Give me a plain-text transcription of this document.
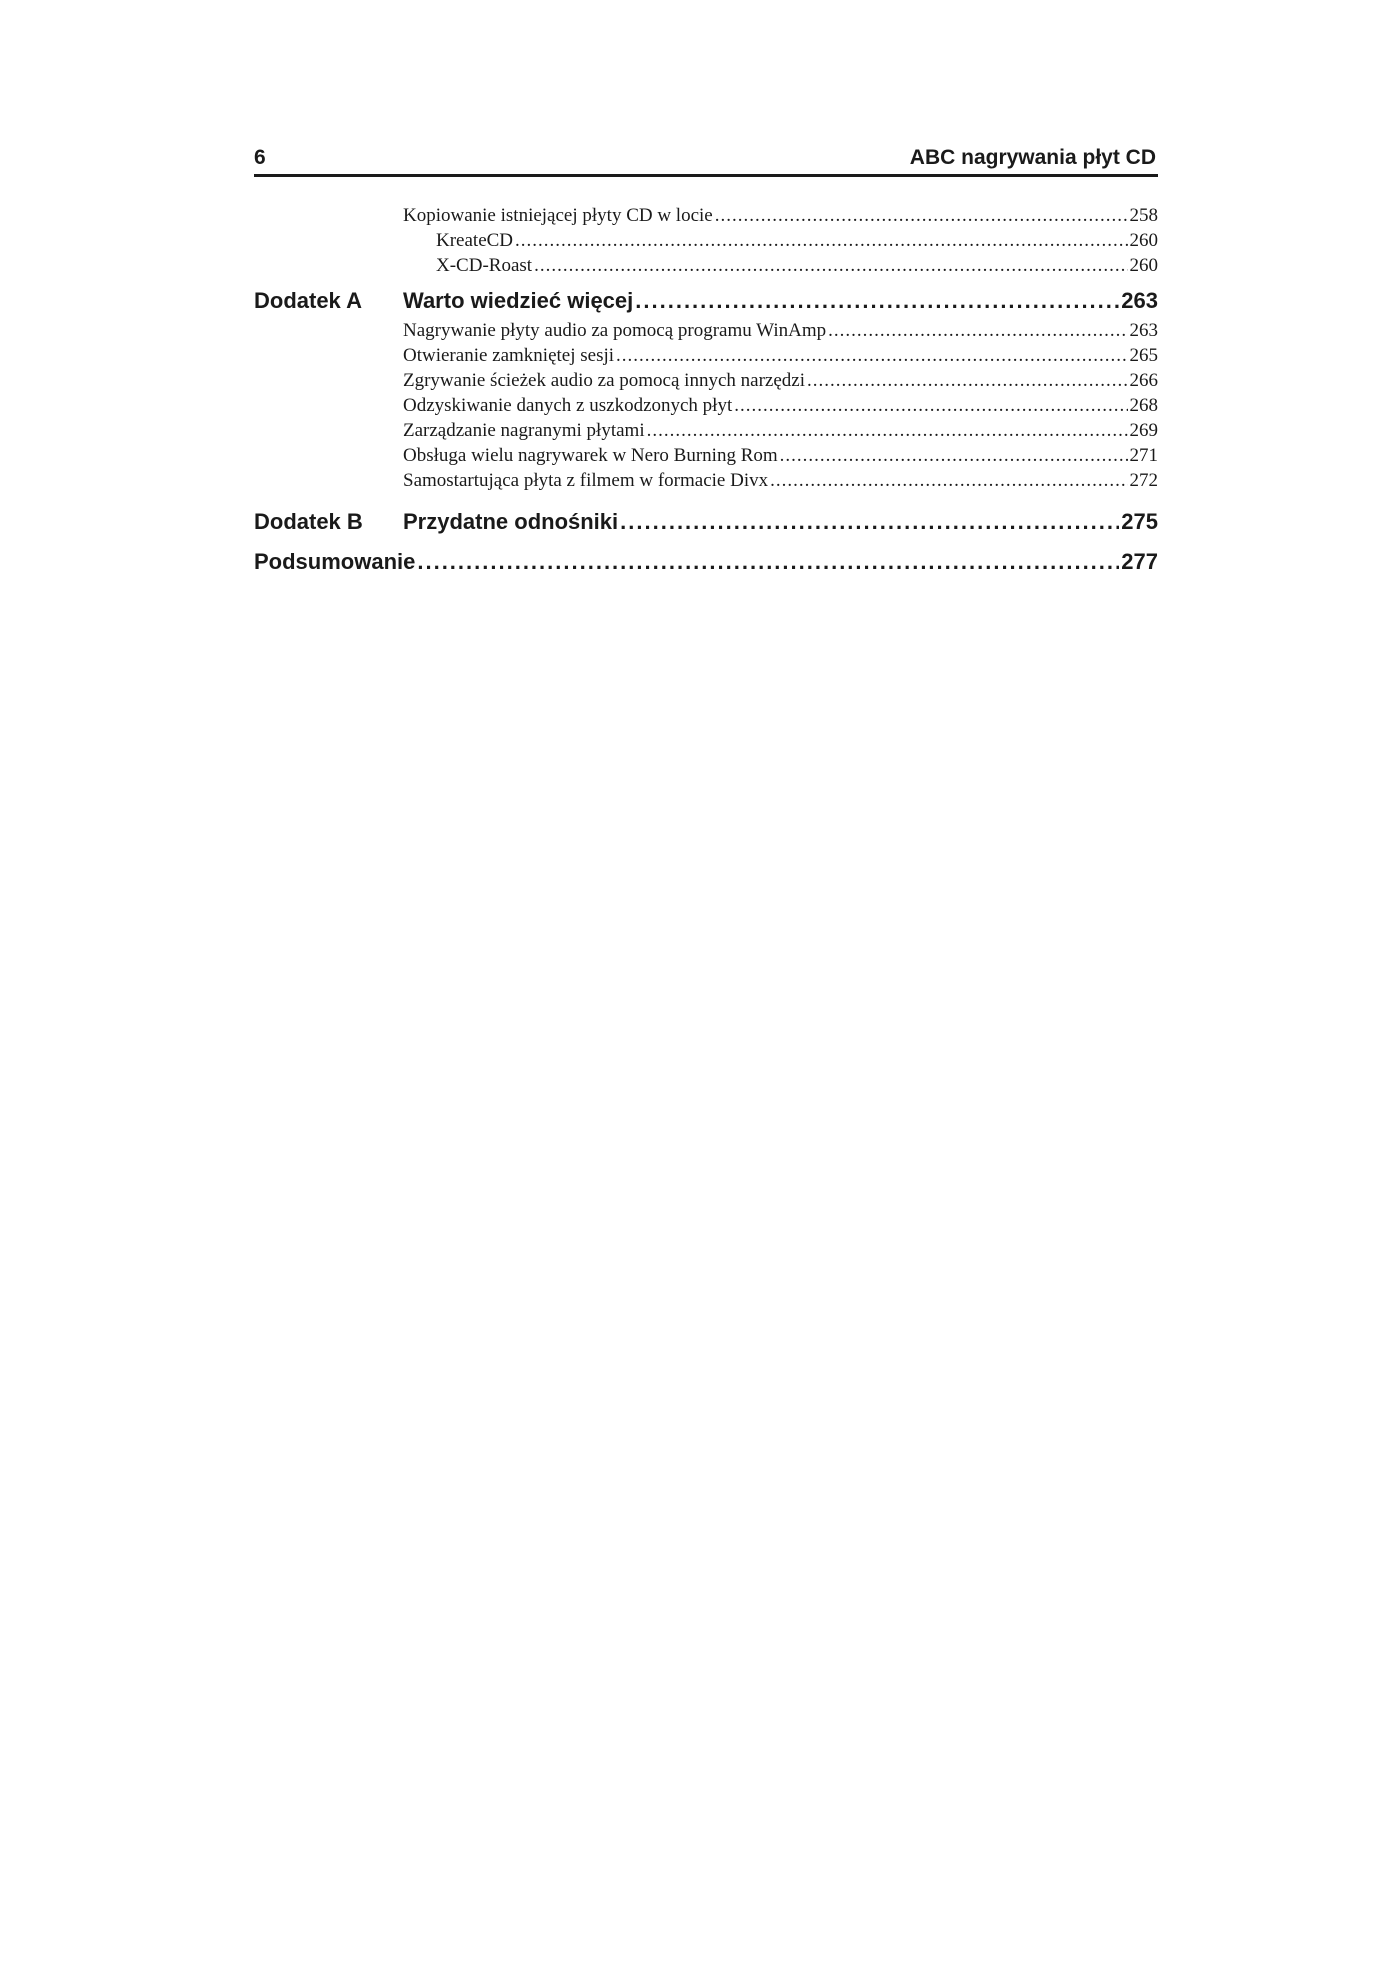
6	ABC nagrywania płyt CD
Kopiowanie istniejącej płyty CD w locie .....	258
KreateCD .....	260
X-CD-Roast .....	260
Dodatek A Warto wiedzieć więcej .....	263
Nagrywanie płyty audio za pomocą programu WinAmp .....	263
Otwieranie zamkniętej sesji .....	265
Zgrywanie ścieżek audio za pomocą innych narzędzi .....	266
Odzyskiwanie danych z uszkodzonych płyt .....	268
Zarządzanie nagranymi płytami .....	269
Obsługa wielu nagrywarek w Nero Burning Rom .....	271
Samostartująca płyta z filmem w formacie Divx .....	272
Dodatek B Przydatne odnośniki .....	275
Podsumowanie .....	277
